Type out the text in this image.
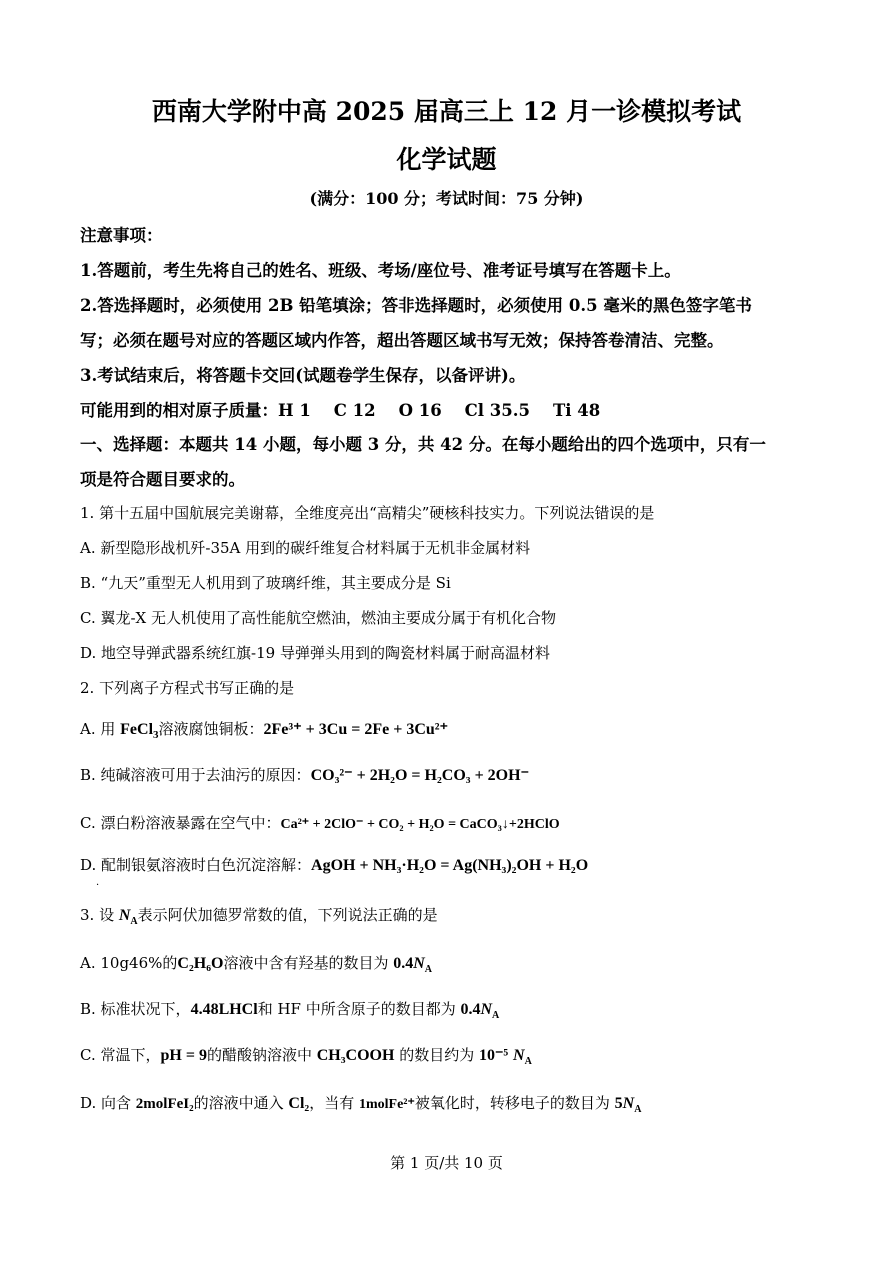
西南大学附中高 2025 届高三上 12 月一诊模拟考试
化学试题
(满分：100 分；考试时间：75 分钟)
注意事项：
1.答题前，考生先将自己的姓名、班级、考场/座位号、准考证号填写在答题卡上。
2.答选择题时，必须使用 2B 铅笔填涂；答非选择题时，必须使用 0.5 毫米的黑色签字笔书
写；必须在题号对应的答题区域内作答，超出答题区域书写无效；保持答卷清洁、完整。
3.考试结束后，将答题卡交回(试题卷学生保存，以备评讲)。
可能用到的相对原子质量：H 1    C 12    O 16    Cl 35.5    Ti 48
一、选择题：本题共 14 小题，每小题 3 分，共 42 分。在每小题给出的四个选项中，只有一
项是符合题目要求的。
1. 第十五届中国航展完美谢幕，全维度亮出“高精尖”硬核科技实力。下列说法错误的是
A. 新型隐形战机歼-35A 用到的碳纤维复合材料属于无机非金属材料
B. “九天”重型无人机用到了玻璃纤维，其主要成分是 Si
C. 翼龙-X 无人机使用了高性能航空燃油，燃油主要成分属于有机化合物
D. 地空导弹武器系统红旗-19 导弹弹头用到的陶瓷材料属于耐高温材料
2. 下列离子方程式书写正确的是
A. 用 FeCl$_3$溶液腐蚀铜板：2Fe³⁺ + 3Cu = 2Fe + 3Cu²⁺
B. 纯碱溶液可用于去油污的原因：CO₃²⁻ + 2H₂O = H₂CO₃ + 2OH⁻
C. 漂白粉溶液暴露在空气中：Ca²⁺ + 2ClO⁻ + CO₂ + H₂O = CaCO₃↓+2HClO
D. 配制银氨溶液时白色沉淀溶解：AgOH + NH₃·H₂O = Ag(NH₃)₂OH + H₂O
·
3. 设 $N_A$表示阿伏加德罗常数的值，下列说法正确的是
A. 10g46%的C₂H₆O溶液中含有羟基的数目为 $0.4N_A$
B. 标准状况下，4.48LHCl和 HF 中所含原子的数目都为 $0.4N_A$
C. 常温下，pH = 9的醋酸钠溶液中 CH₃COOH 的数目约为 10⁻⁵ $N_A$
D. 向含 2molFeI₂的溶液中通入 Cl₂，当有 1molFe²⁺被氧化时，转移电子的数目为 $5N_A$
第 1 页/共 10 页
